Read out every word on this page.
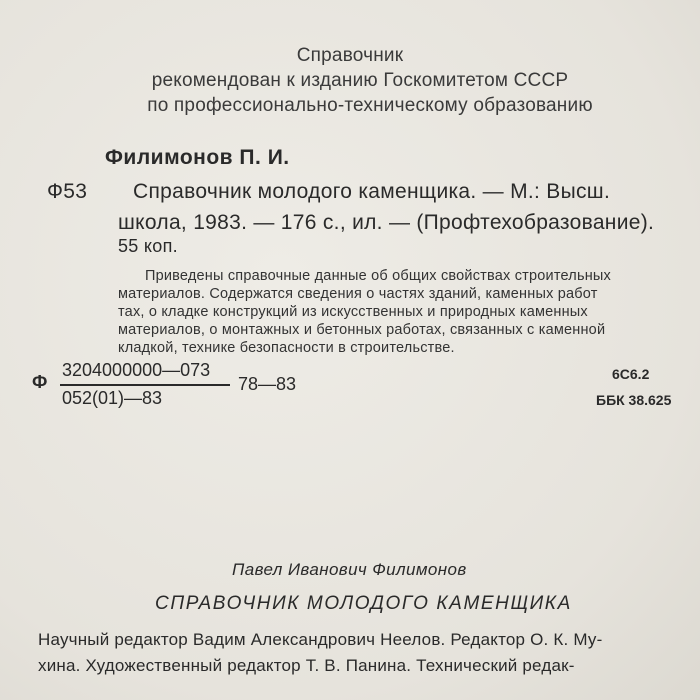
Справочник
рекомендован к изданию Госкомитетом СССР
по профессионально-техническому образованию
Филимонов П. И.
Ф53 Справочник молодого каменщика. — М.: Высш.
школа, 1983. — 176 с., ил. — (Профтехобразование).
55 коп.
Приведены справочные данные об общих свойствах строительных
материалов. Содержатся сведения о частях зданий, каменных работ
тах, о кладке конструкций из искусственных и природных каменных
материалов, о монтажных и бетонных работах, связанных с каменной
кладкой, технике безопасности в строительстве.
Ф
3204000000—073
052(01)—83
78—83	6С6.2
ББК 38.625
Павел Иванович Филимонов
СПРАВОЧНИК МОЛОДОГО КАМЕНЩИКА
Научный редактор Вадим Александрович Неелов. Редактор О. К. Му-
хина. Художественный редактор Т. В. Панина. Технический редак-
